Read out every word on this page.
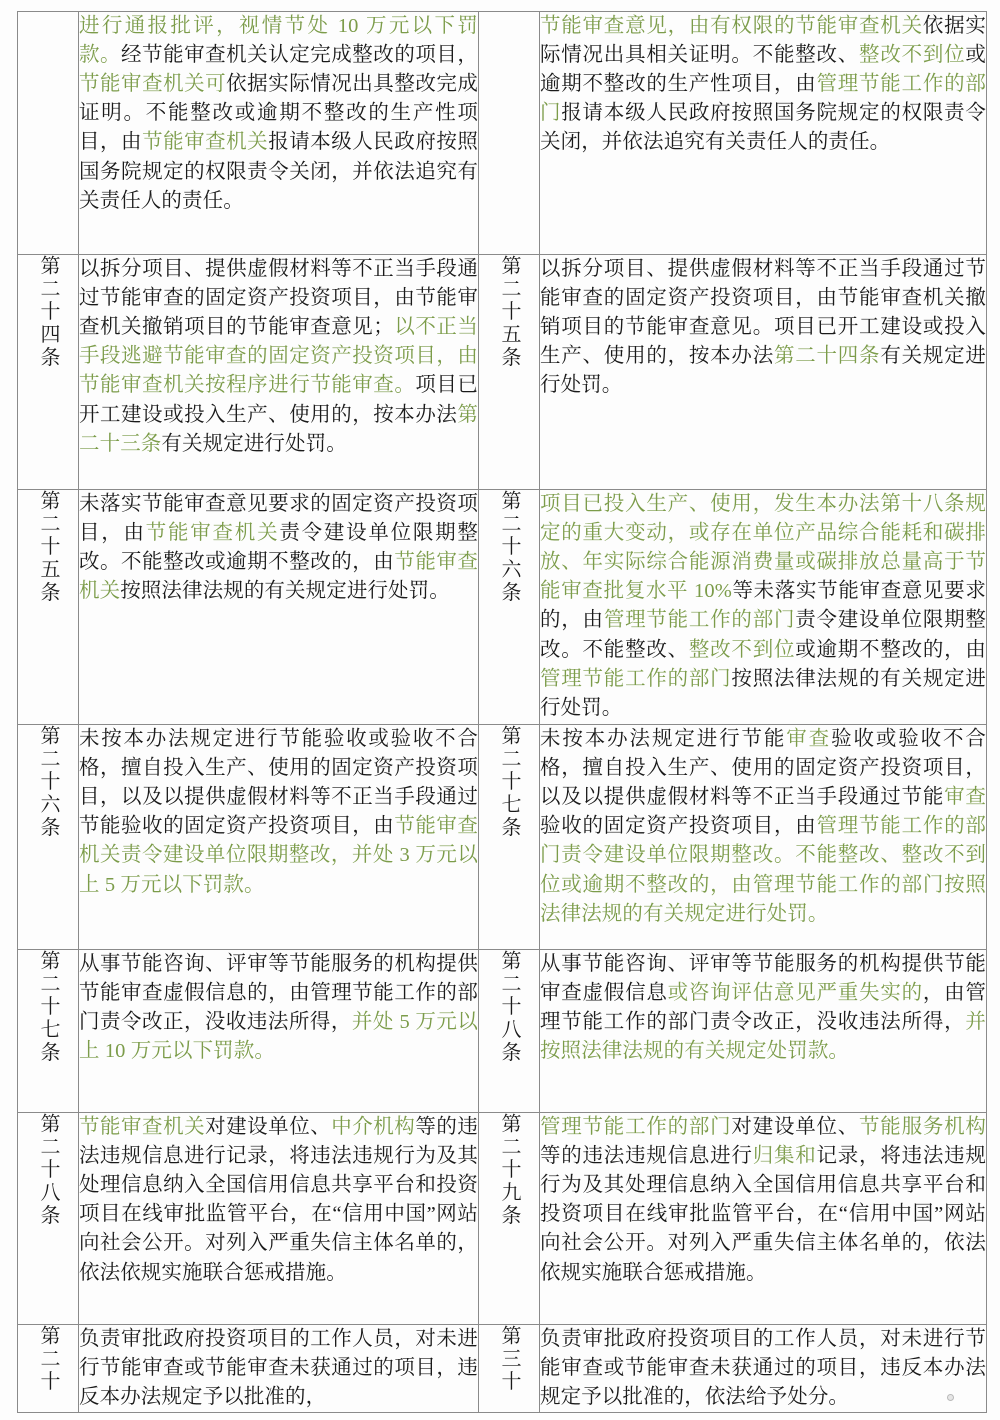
	进行通报批评，视情节处 10 万元以下罚款。经节能审查机关认定完成整改的项目，节能审查机关可依据实际情况出具整改完成证明。不能整改或逾期不整改的生产性项目，由节能审查机关报请本级人民政府按照国务院规定的权限责令关闭，并依法追究有关责任人的责任。		节能审查意见，由有权限的节能审查机关依据实际情况出具相关证明。不能整改、整改不到位或逾期不整改的生产性项目，由管理节能工作的部门报请本级人民政府按照国务院规定的权限责令关闭，并依法追究有关责任人的责任。

第二十四条	以拆分项目、提供虚假材料等不正当手段通过节能审查的固定资产投资项目，由节能审查机关撤销项目的节能审查意见；以不正当手段逃避节能审查的固定资产投资项目，由节能审查机关按程序进行节能审查。项目已开工建设或投入生产、使用的，按本办法第二十三条有关规定进行处罚。	第二十五条	以拆分项目、提供虚假材料等不正当手段通过节能审查的固定资产投资项目，由节能审查机关撤销项目的节能审查意见。项目已开工建设或投入生产、使用的，按本办法第二十四条有关规定进行处罚。

第二十五条	未落实节能审查意见要求的固定资产投资项目，由节能审查机关责令建设单位限期整改。不能整改或逾期不整改的，由节能审查机关按照法律法规的有关规定进行处罚。	第二十六条	项目已投入生产、使用，发生本办法第十八条规定的重大变动，或存在单位产品综合能耗和碳排放、年实际综合能源消费量或碳排放总量高于节能审查批复水平 10%等未落实节能审查意见要求的，由管理节能工作的部门责令建设单位限期整改。不能整改、整改不到位或逾期不整改的，由管理节能工作的部门按照法律法规的有关规定进行处罚。

第二十六条	未按本办法规定进行节能验收或验收不合格，擅自投入生产、使用的固定资产投资项目，以及以提供虚假材料等不正当手段通过节能验收的固定资产投资项目，由节能审查机关责令建设单位限期整改，并处 3 万元以上 5 万元以下罚款。	第二十七条	未按本办法规定进行节能审查验收或验收不合格，擅自投入生产、使用的固定资产投资项目，以及以提供虚假材料等不正当手段通过节能审查验收的固定资产投资项目，由管理节能工作的部门责令建设单位限期整改。不能整改、整改不到位或逾期不整改的，由管理节能工作的部门按照法律法规的有关规定进行处罚。

第二十七条	从事节能咨询、评审等节能服务的机构提供节能审查虚假信息的，由管理节能工作的部门责令改正，没收违法所得，并处 5 万元以上 10 万元以下罚款。	第二十八条	从事节能咨询、评审等节能服务的机构提供节能审查虚假信息或咨询评估意见严重失实的，由管理节能工作的部门责令改正，没收违法所得，并按照法律法规的有关规定处罚款。

第二十八条	节能审查机关对建设单位、中介机构等的违法违规信息进行记录，将违法违规行为及其处理信息纳入全国信用信息共享平台和投资项目在线审批监管平台，在“信用中国”网站向社会公开。对列入严重失信主体名单的，依法依规实施联合惩戒措施。	第二十九条	管理节能工作的部门对建设单位、节能服务机构等的违法违规信息进行归集和记录，将违法违规行为及其处理信息纳入全国信用信息共享平台和投资项目在线审批监管平台，在“信用中国”网站向社会公开。对列入严重失信主体名单的，依法依规实施联合惩戒措施。

第二十	负责审批政府投资项目的工作人员，对未进行节能审查或节能审查未获通过的项目，违反本办法规定予以批准的，	第三十	负责审批政府投资项目的工作人员，对未进行节能审查或节能审查未获通过的项目，违反本办法规定予以批准的，依法给予处分。
